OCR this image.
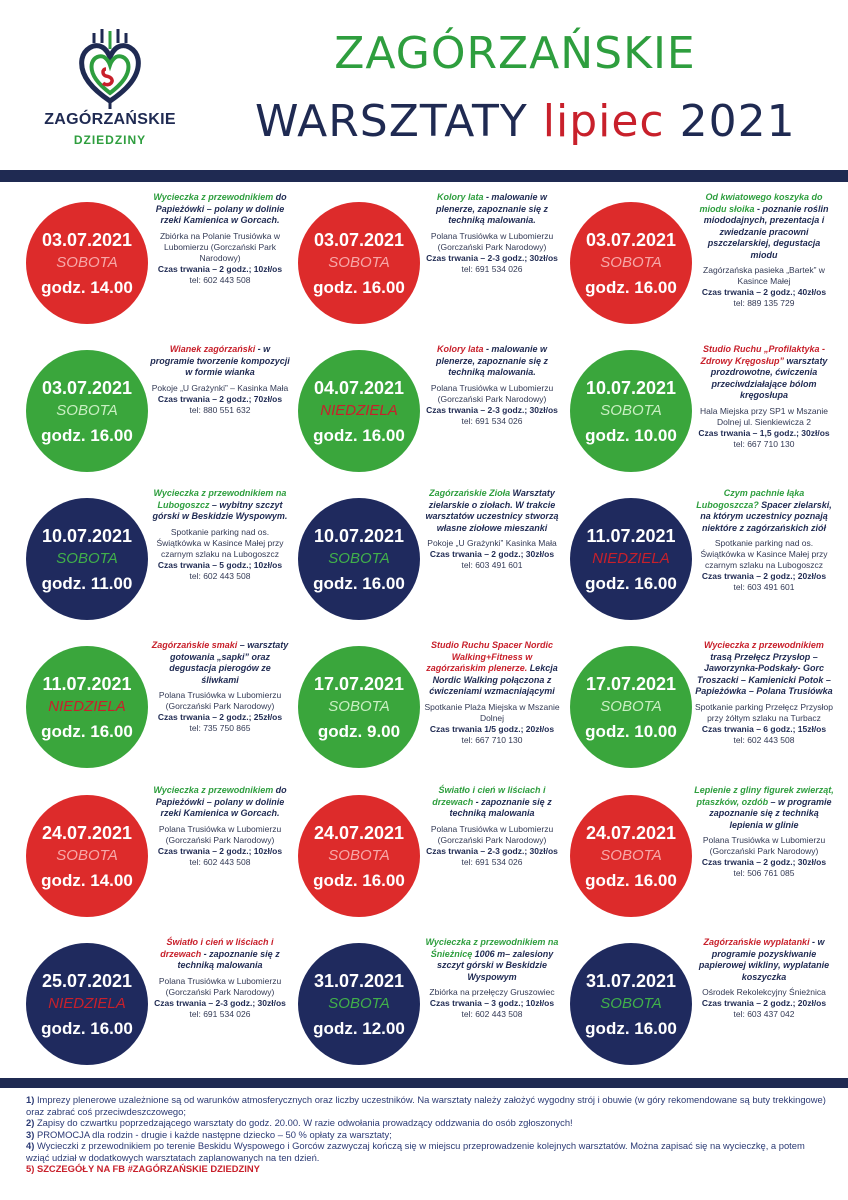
ZAGÓRZAŃSKIE
DZIEDZINY
ZAGÓRZAŃSKIE
WARSZTATY lipiec 2021
03.07.2021
SOBOTA
godz. 14.00
Wycieczka z przewodnikiem do Papieżówki – polany w dolinie rzeki Kamienica w Gorcach.
Zbiórka na Polanie Trusiówka w Lubomierzu (Gorczański Park Narodowy)
Czas trwania – 2 godz.; 10zł/os
tel: 602 443 508
03.07.2021
SOBOTA
godz. 16.00
Kolory lata - malowanie w plenerze, zapoznanie się z techniką malowania.
Polana Trusiówka w Lubomierzu (Gorczański Park Narodowy)
Czas trwania – 2-3 godz.; 30zł/os
tel: 691 534 026
03.07.2021
SOBOTA
godz. 16.00
Od kwiatowego koszyka do miodu słoika - poznanie roślin miododajnych, prezentacja i zwiedzanie pracowni pszczelarskiej, degustacja miodu
Zagórzańska pasieka „Bartek” w Kasince Małej
Czas trwania – 2 godz.; 40zł/os
tel: 889 135 729
03.07.2021
SOBOTA
godz. 16.00
Wianek zagórzański - w programie tworzenie kompozycji w formie wianka
Pokoje „U Grażynki” – Kasinka Mała
Czas trwania – 2 godz.; 70zł/os
tel: 880 551 632
04.07.2021
NIEDZIELA
godz. 16.00
Kolory lata - malowanie w plenerze, zapoznanie się z techniką malowania.
Polana Trusiówka w Lubomierzu (Gorczański Park Narodowy)
Czas trwania – 2-3 godz.; 30zł/os
tel: 691 534 026
10.07.2021
SOBOTA
godz. 10.00
Studio Ruchu „Profilaktyka - Zdrowy Kręgosłup” warsztaty prozdrowotne, ćwiczenia przeciwdziałające bólom kręgosłupa
Hala Miejska przy SP1 w Mszanie Dolnej ul. Sienkiewicza 2
Czas trwania – 1,5 godz.; 30zł/os
tel: 667 710 130
10.07.2021
SOBOTA
godz. 11.00
Wycieczka z przewodnikiem na Lubogoszcz – wybitny szczyt górski w Beskidzie Wyspowym.
Spotkanie parking nad os. Świątkówka w Kasince Małej przy czarnym szlaku na Lubogoszcz
Czas trwania – 5 godz.; 10zł/os
tel: 602 443 508
10.07.2021
SOBOTA
godz. 16.00
Zagórzańskie Zioła Warsztaty zielarskie o ziołach. W trakcie warsztatów uczestnicy stworzą własne ziołowe mieszanki
Pokoje „U Grażynki” Kasinka Mała
Czas trwania – 2 godz.; 30zł/os
tel: 603 491 601
11.07.2021
NIEDZIELA
godz. 16.00
Czym pachnie łąka Lubogoszcza? Spacer zielarski, na którym uczestnicy poznają niektóre z zagórzańskich ziół
Spotkanie parking nad os. Świątkówka w Kasince Małej przy czarnym szlaku na Lubogoszcz
Czas trwania – 2 godz.; 20zł/os
tel: 603 491 601
11.07.2021
NIEDZIELA
godz. 16.00
Zagórzańskie smaki – warsztaty gotowania „sapki” oraz degustacja pierogów ze śliwkami
Polana Trusiówka w Lubomierzu (Gorczański Park Narodowy)
Czas trwania – 2 godz.; 25zł/os
tel: 735 750 865
17.07.2021
SOBOTA
godz. 9.00
Studio Ruchu Spacer Nordic Walking+Fitness w zagórzańskim plenerze. Lekcja Nordic Walking połączona z ćwiczeniami wzmacniającymi
Spotkanie Plaża Miejska w Mszanie Dolnej
Czas trwania 1/5 godz.; 20zł/os
tel: 667 710 130
17.07.2021
SOBOTA
godz. 10.00
Wycieczka z przewodnikiem trasą Przełęcz Przysłop – Jaworzynka-Podskały- Gorc Troszacki – Kamienicki Potok – Papieżówka – Polana Trusiówka
Spotkanie parking Przełęcz Przysłop przy żółtym szlaku na Turbacz
Czas trwania – 6 godz.; 15zł/os
tel: 602 443 508
24.07.2021
SOBOTA
godz. 14.00
Wycieczka z przewodnikiem do Papieżówki – polany w dolinie rzeki Kamienica w Gorcach.
Polana Trusiówka w Lubomierzu (Gorczański Park Narodowy)
Czas trwania – 2 godz.; 10zł/os
tel: 602 443 508
24.07.2021
SOBOTA
godz. 16.00
Światło i cień w liściach i drzewach - zapoznanie się z techniką malowania
Polana Trusiówka w Lubomierzu (Gorczański Park Narodowy)
Czas trwania – 2-3 godz.; 30zł/os
tel: 691 534 026
24.07.2021
SOBOTA
godz. 16.00
Lepienie z gliny figurek zwierząt, ptaszków, ozdób – w programie zapoznanie się z techniką lepienia w glinie
Polana Trusiówka w Lubomierzu (Gorczański Park Narodowy)
Czas trwania – 2 godz.; 30zł/os
tel: 506 761 085
25.07.2021
NIEDZIELA
godz. 16.00
Światło i cień w liściach i drzewach - zapoznanie się z techniką malowania
Polana Trusiówka w Lubomierzu (Gorczański Park Narodowy)
Czas trwania – 2-3 godz.; 30zł/os
tel: 691 534 026
31.07.2021
SOBOTA
godz. 12.00
Wycieczka z przewodnikiem na Śnieżnicę 1006 m– zalesiony szczyt górski w Beskidzie Wyspowym
Zbiórka na przełęczy Gruszowiec
Czas trwania – 3 godz.; 10zł/os
tel: 602 443 508
31.07.2021
SOBOTA
godz. 16.00
Zagórzańskie wyplatanki - w programie pozyskiwanie papierowej wikliny, wyplatanie koszyczka
Ośrodek Rekolekcyjny Śnieżnica
Czas trwania – 2 godz.; 20zł/os
tel: 603 437 042

1) Imprezy plenerowe uzależnione są od warunków atmosferycznych oraz liczby uczestników. Na warsztaty należy założyć wygodny strój i obuwie (w góry rekomendowane są buty trekkingowe) oraz zabrać coś przeciwdeszczowego;

2) Zapisy do czwartku poprzedzającego warsztaty do godz. 20.00. W razie odwołania prowadzący oddzwania do osób zgłoszonych!

3) PROMOCJA dla rodzin - drugie i każde następne dziecko – 50 % opłaty za warsztaty;

4) Wycieczki z przewodnikiem po terenie Beskidu Wyspowego i Gorców zazwyczaj kończą się w miejscu przeprowadzenie kolejnych warsztatów. Można zapisać się na wycieczkę, a potem wziąć udział w dodatkowych warsztatach zaplanowanych na ten dzień.

5) SZCZEGÓŁY NA FB #ZAGÓRZAŃSKIE DZIEDZINY
